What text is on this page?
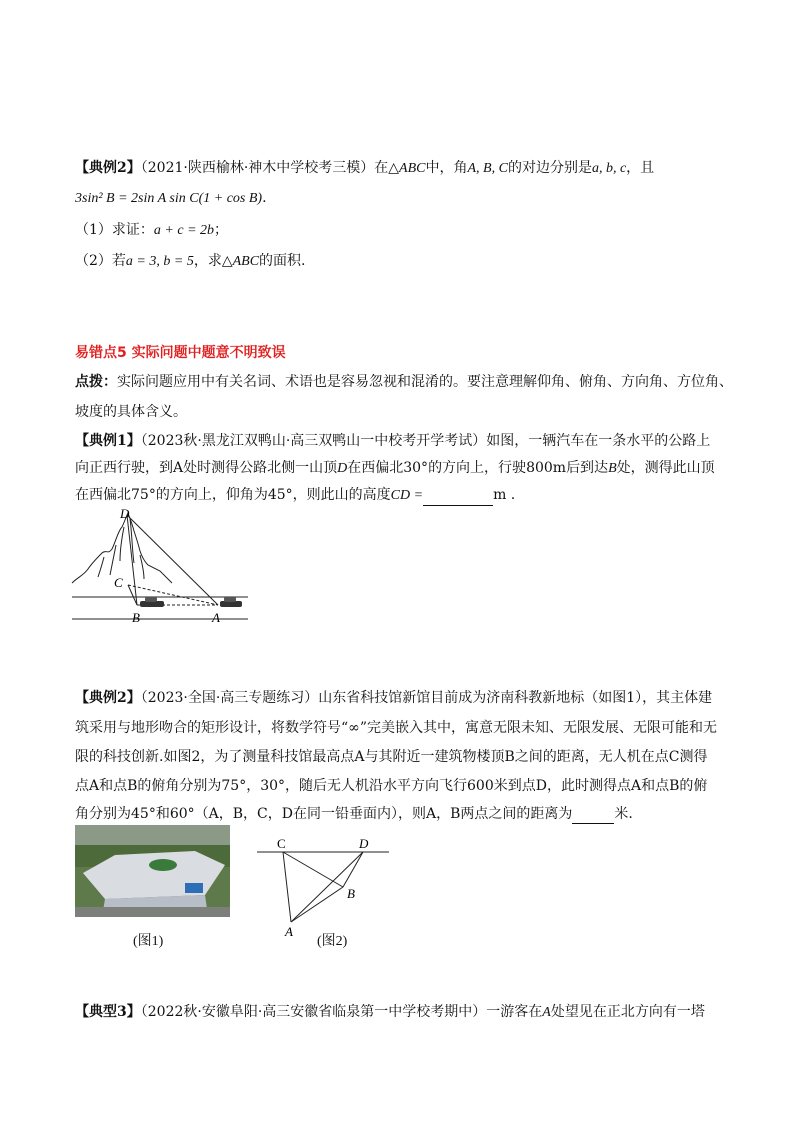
【典例2】（2021·陕西榆林·神木中学校考三模）在△ABC中，角A, B, C的对边分别是a, b, c，且
3sin² B = 2sin A sin C(1 + cos B).
（1）求证：a + c = 2b；
（2）若a = 3, b = 5，求△ABC的面积.
易错点5 实际问题中题意不明致误
点拨：实际问题应用中有关名词、术语也是容易忽视和混淆的。要注意理解仰角、俯角、方向角、方位角、
坡度的具体含义。
【典例1】（2023秋·黑龙江双鸭山·高三双鸭山一中校考开学考试）如图，一辆汽车在一条水平的公路上
向正西行驶，到A处时测得公路北侧一山顶D在西偏北30°的方向上，行驶800m后到达B处，测得此山顶
在西偏北75°的方向上，仰角为45°，则此山的高度CD =	m .
D
C
B	A
【典例2】（2023·全国·高三专题练习）山东省科技馆新馆目前成为济南科教新地标（如图1），其主体建
筑采用与地形吻合的矩形设计，将数学符号“∞”完美嵌入其中，寓意无限未知、无限发展、无限可能和无
限的科技创新.如图2，为了测量科技馆最高点A与其附近一建筑物楼顶B之间的距离，无人机在点C测得
点A和点B的俯角分别为75°，30°，随后无人机沿水平方向飞行600米到点D，此时测得点A和点B的俯
角分别为45°和60°（A，B，C，D在同一铅垂面内），则A，B两点之间的距离为	米.
(图1)
C	D
B
A
(图2)
【典型3】（2022秋·安徽阜阳·高三安徽省临泉第一中学校考期中）一游客在A处望见在正北方向有一塔
